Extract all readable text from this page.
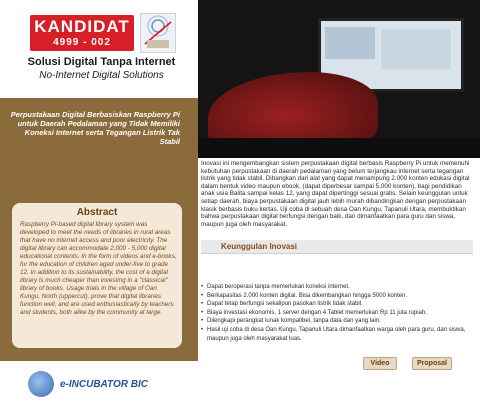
KANDIDAT
4999 - 002
Solusi Digital Tanpa Internet
No-Internet Digital Solutions
Perpustakaan Digital Berbasiskan Raspberry Pi untuk Daerah Pedalaman yang Tidak Memiliki Koneksi Internet serta Tegangan Listrik Tak Stabil
Abstract
Raspberry Pi-based digital library system was developed to meet the needs of libraries in rural areas that have no internet access and poor electricity. The digital library can accommodate 2,000 - 5,000 digital educational contents. In the form of videos and e-books, for the education of children aged under-five to grade 12. In addition to its sustainability, the cost of a digital library is much cheaper than investing in a "classical" library of books. Usage trials in the village of Oan Kungu, North (uppercut), prove that digital libraries function well, and are used enthusiastically by teachers and students, both alike by the community at large.
e-INCUBATOR BIC
Inovasi ini mengembangkan sistem perpustakaan digital berbasis Raspberry Pi untuk memenuhi kebutuhan perpustakaan di daerah pedalaman yang belum terjangkau internet serta tegangan listrik yang tidak stabil. Dibangkan dari alat yang dapat menampung 2.000 konten edukasi digital dalam bentuk video maupun ebook, (dapat diperbesar sampai 5.000 konten), bagi pendidikan anak usia Balita sampai kelas 12, yang dapat dipertinggi sesuai gratis. Selain keunggulan untuk setiap daerah, biaya perpustakaan digital jauh lebih murah dibandingkan dengan perpustakaan klasik berbasis buku kertas. Uji coba di sebuah desa Oan Kungu, Tapanuli Utara, membuktikan bahwa perpustakaan digital berfungsi dengan baik, dan dimanfaatkan para guru dan siswa, maupun juga oleh masyarakat.
Keunggulan Inovasi
• Dapat beroperasi tanpa memerlukan koneksi internet.
• Berkapasitas 2.000 konten digital. Bisa dikembangkan hingga 5000 konten.
• Dapat tetap berfungsi sekalipun pasokan listrik tidak stabil.
• Biaya investasi ekonomis, 1 server dengan 4 Tablet memerlukan Rp 11 juta rupiah.
• Dilengkapi perangkat lunak kompatibel, tanpa data dan yang lain.
• Hasil uji coba di desa Oan Kungu, Tapanuli Utara dimanfaatkan warga oleh para guru, dan siswa, maupun juga oleh masyarakat luas.
Video	Proposal
